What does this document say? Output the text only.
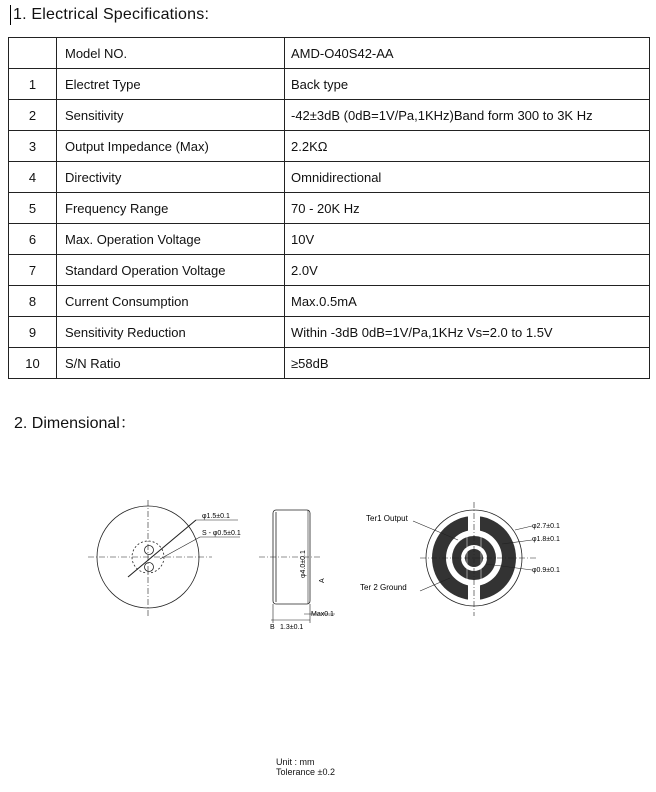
1. Electrical Specifications:
	Model NO.	AMD-O40S42-AA
1	Electret Type	Back type
2	Sensitivity	-42±3dB (0dB=1V/Pa,1KHz)Band form 300 to 3K Hz
3	Output Impedance (Max)	2.2KΩ
4	Directivity	Omnidirectional
5	Frequency Range	70 - 20K Hz
6	Max. Operation Voltage	10V
7	Standard Operation Voltage	2.0V
8	Current Consumption	Max.0.5mA
9	Sensitivity Reduction	Within -3dB 0dB=1V/Pa,1KHz Vs=2.0 to 1.5V
10	S/N Ratio	≥58dB
2. Dimensional：
φ1.5±0.1
S - φ0.5±0.1
φ4.0±0.1
A
Max0.1
B 1.3±0.1
Ter1 Output
Ter 2 Ground
φ2.7±0.1
φ1.8±0.1
φ0.9±0.1
Unit : mm
Tolerance ±0.2
